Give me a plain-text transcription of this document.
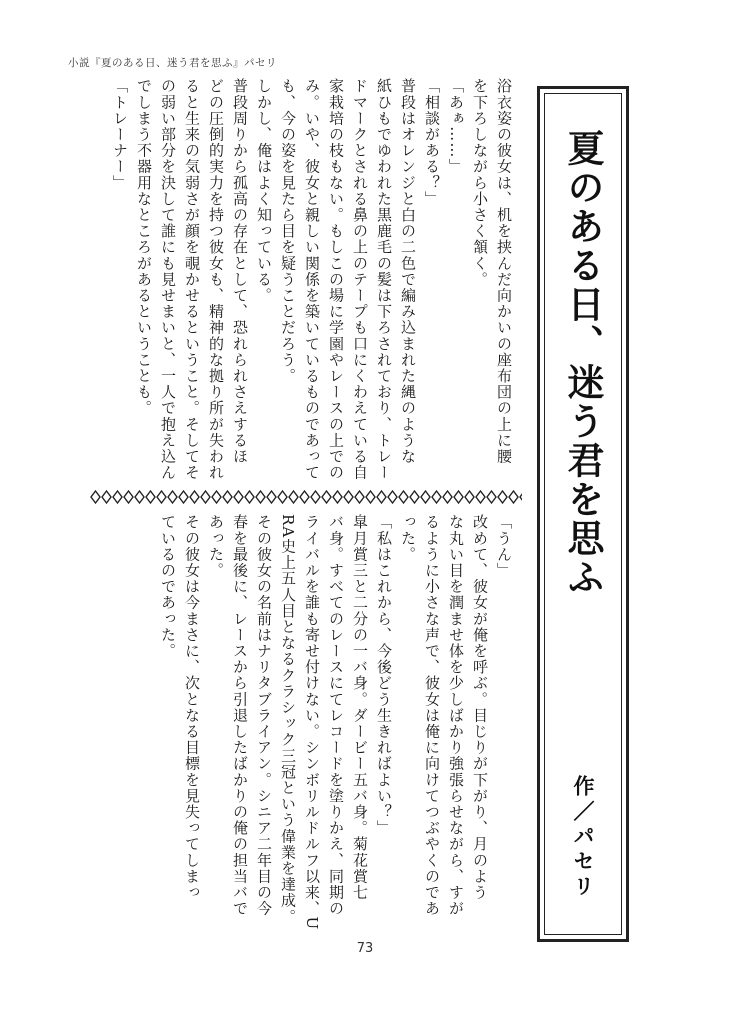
小説『夏のある日、迷う君を思ふ』パセリ
浴衣姿の彼女は、机を挟んだ向かいの座布団の上に腰
を下ろしながら小さく頷く。
「あぁ……」
「相談がある？」
普段はオレンジと白の二色で編み込まれた縄のような
紙ひもでゆわれた黒鹿毛の髪は下ろされており、トレー
ドマークとされる鼻の上のテープも口にくわえている自
家栽培の枝もない。もしこの場に学園やレースの上での
み。いや、彼女と親しい関係を築いているものであって
も、今の姿を見たら目を疑うことだろう。
しかし、俺はよく知っている。
普段周りから孤高の存在として、恐れられさえするほ
どの圧倒的実力を持つ彼女も、精神的な拠り所が失われ
ると生来の気弱さが顔を覗かせるということ。そしてそ
の弱い部分を決して誰にも見せまいと、一人で抱え込ん
でしまう不器用なところがあるということも。
「トレーナー」
「うん」
改めて、彼女が俺を呼ぶ。目じりが下がり、月のよう
な丸い目を潤ませ体を少しばかり強張らせながら、すが
るように小さな声で、彼女は俺に向けてつぶやくのであ
った。
「私はこれから、今後どう生きればよい？」
皐月賞三と二分の一バ身。ダービー五バ身。菊花賞七
バ身。すべてのレースにてレコードを塗りかえ、同期の
ライバルを誰も寄せ付けない。シンボリルドルフ以来、U
RA史上五人目となるクラシック三冠という偉業を達成。
その彼女の名前はナリタブライアン。シニア二年目の今
春を最後に、レースから引退したばかりの俺の担当バで
あった。
その彼女は今まさに、次となる目標を見失ってしまっ
ているのであった。	夏のある日、迷う君を思ふ
作／パセリ
73
